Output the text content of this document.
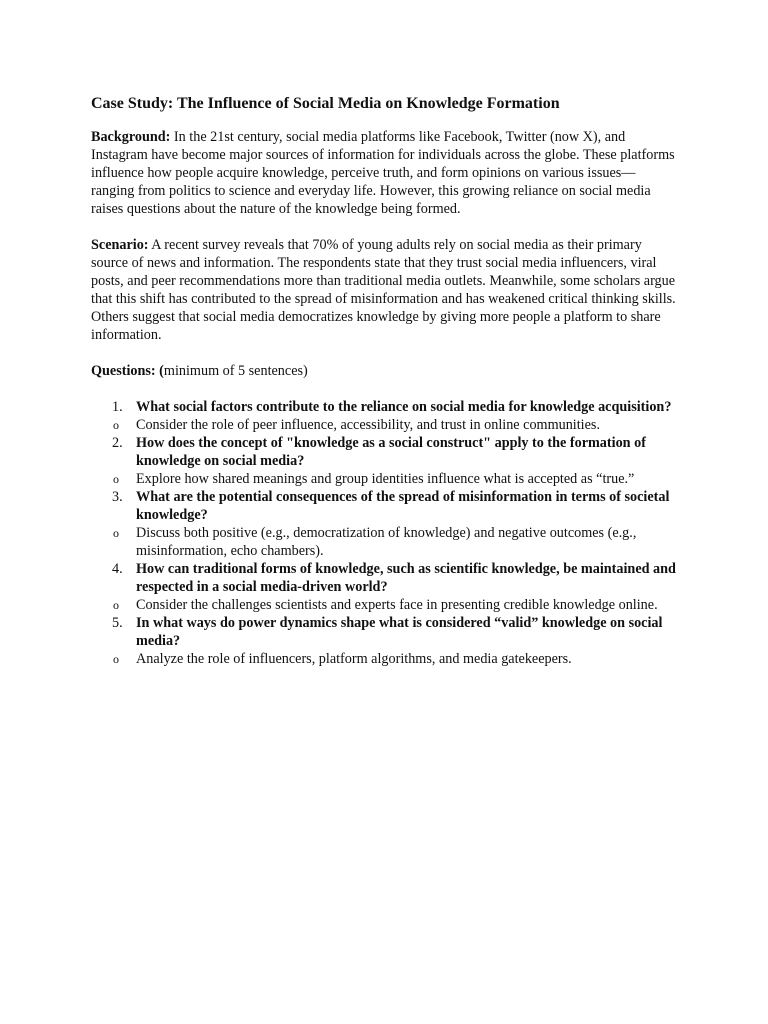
Case Study: The Influence of Social Media on Knowledge Formation

Background: In the 21st century, social media platforms like Facebook, Twitter (now X), and Instagram have become major sources of information for individuals across the globe. These platforms influence how people acquire knowledge, perceive truth, and form opinions on various issues—ranging from politics to science and everyday life. However, this growing reliance on social media raises questions about the nature of the knowledge being formed.

Scenario: A recent survey reveals that 70% of young adults rely on social media as their primary source of news and information. The respondents state that they trust social media influencers, viral posts, and peer recommendations more than traditional media outlets. Meanwhile, some scholars argue that this shift has contributed to the spread of misinformation and has weakened critical thinking skills. Others suggest that social media democratizes knowledge by giving more people a platform to share information.

Questions: (minimum of 5 sentences)

1. What social factors contribute to the reliance on social media for knowledge acquisition?
o Consider the role of peer influence, accessibility, and trust in online communities.
2. How does the concept of "knowledge as a social construct" apply to the formation of knowledge on social media?
o Explore how shared meanings and group identities influence what is accepted as “true.”
3. What are the potential consequences of the spread of misinformation in terms of societal knowledge?
o Discuss both positive (e.g., democratization of knowledge) and negative outcomes (e.g., misinformation, echo chambers).
4. How can traditional forms of knowledge, such as scientific knowledge, be maintained and respected in a social media-driven world?
o Consider the challenges scientists and experts face in presenting credible knowledge online.
5. In what ways do power dynamics shape what is considered “valid” knowledge on social media?
o Analyze the role of influencers, platform algorithms, and media gatekeepers.
